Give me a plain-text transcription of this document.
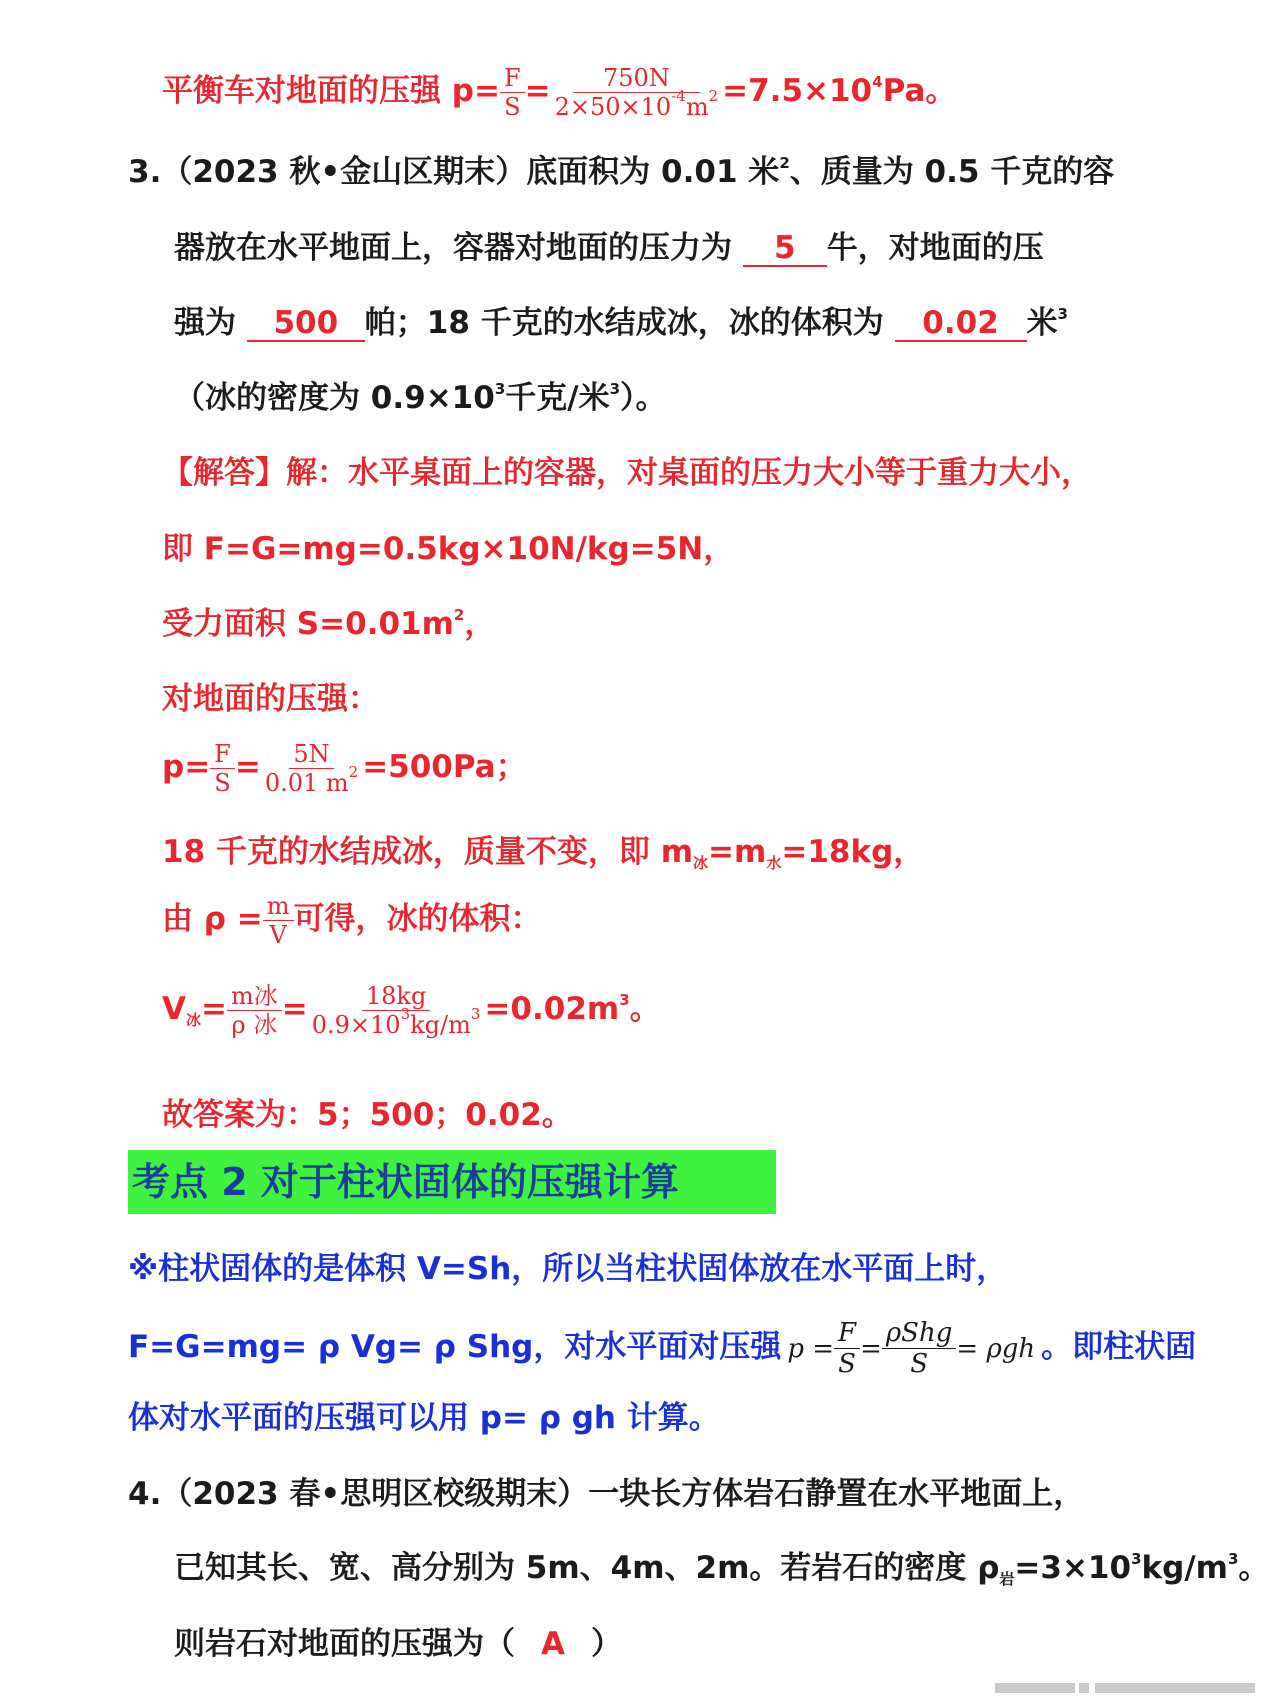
平衡车对地面的压强 $p= \frac{F}{S} = \frac{750N}{2\times 50\times 10^{-4}m^2} =7.5\times 10^4Pa$。
3.（2023 秋•金山区期末）底面积为 0.01 米$^2$、质量为 0.5 千克的容
器放在水平地面上，容器对地面的压力为 5 牛，对地面的压
强为 500 帕；18 千克的水结成冰，冰的体积为 0.02 米$^3$
（冰的密度为 $0.9\times 10^3$千克/米$^3$）。
【解答】解：水平桌面上的容器，对桌面的压力大小等于重力大小，
即 F=G=mg=0.5kg×10N/kg=5N，
受力面积 $S=0.01m^2$，
对地面的压强：
$p= \frac{F}{S} = \frac{5N}{0.01 m^2} =500Pa$；
18 千克的水结成冰，质量不变，即 $m_冰=m_水=18kg$，
由 $\rho = \frac{m}{V}$ 可得，冰的体积：
$V_冰= \frac{\text{m冰}}{\text{ρ 冰}} = \frac{18kg}{0.9\times 10^3kg/m^3} =0.02m^3$。
故答案为：5；500；0.02。
考点 2 对于柱状固体的压强计算
※柱状固体的是体积 V=Sh，所以当柱状固体放在水平面上时，
F=G=mg= ρ Vg= ρ Shg，对水平面对压强 $p = \frac{F}{S} = \frac{\text{ρShg}}{S} = \rho gh$ 。即柱状固
体对水平面的压强可以用 p= ρ gh 计算。
4.（2023 春•思明区校级期末）一块长方体岩石静置在水平地面上，
已知其长、宽、高分别为 5m、4m、2m。若岩石的密度 $\rho_岩=3\times 10^3kg/m^3$。
则岩石对地面的压强为（ A ）
